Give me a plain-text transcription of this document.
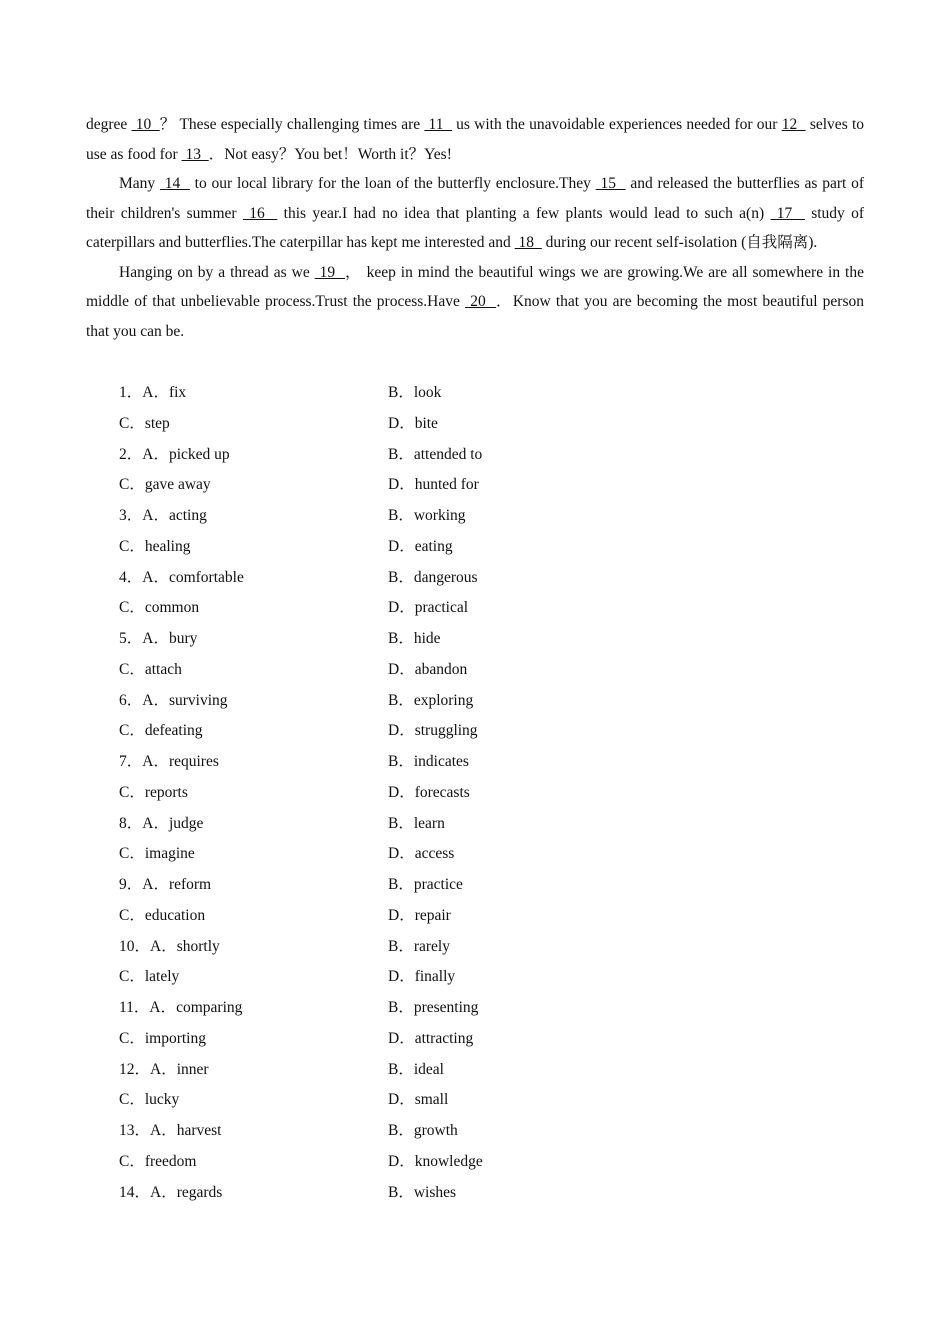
degree  10  ？ These especially challenging times are  11   us with the unavoidable experiences needed for our 12   selves to use as food for  13  ．Not easy？You bet！Worth it？Yes!

Many  14   to our local library for the loan of the butterfly enclosure.They  15   and released the butterflies as part of their children's summer  16   this year.I had no idea that planting a few plants would lead to such a(n)  17   study of caterpillars and butterflies.The caterpillar has kept me interested and  18   during our recent self-isolation (自我隔离).

Hanging on by a thread as we  19  ， keep in mind the beautiful wings we are growing.We are all somewhere in the middle of that unbelievable process.Trust the process.Have  20  ．Know that you are becoming the most beautiful person that you can be.

1．A．fix	B．look
C．step	D．bite
2．A．picked up	B．attended to
C．gave away	D．hunted for
3．A．acting	B．working
C．healing	D．eating
4．A．comfortable	B．dangerous
C．common	D．practical
5．A．bury	B．hide
C．attach	D．abandon
6．A．surviving	B．exploring
C．defeating	D．struggling
7．A．requires	B．indicates
C．reports	D．forecasts
8．A．judge	B．learn
C．imagine	D．access
9．A．reform	B．practice
C．education	D．repair
10．A．shortly	B．rarely
C．lately	D．finally
11．A．comparing	B．presenting
C．importing	D．attracting
12．A．inner	B．ideal
C．lucky	D．small
13．A．harvest	B．growth
C．freedom	D．knowledge
14．A．regards	B．wishes
